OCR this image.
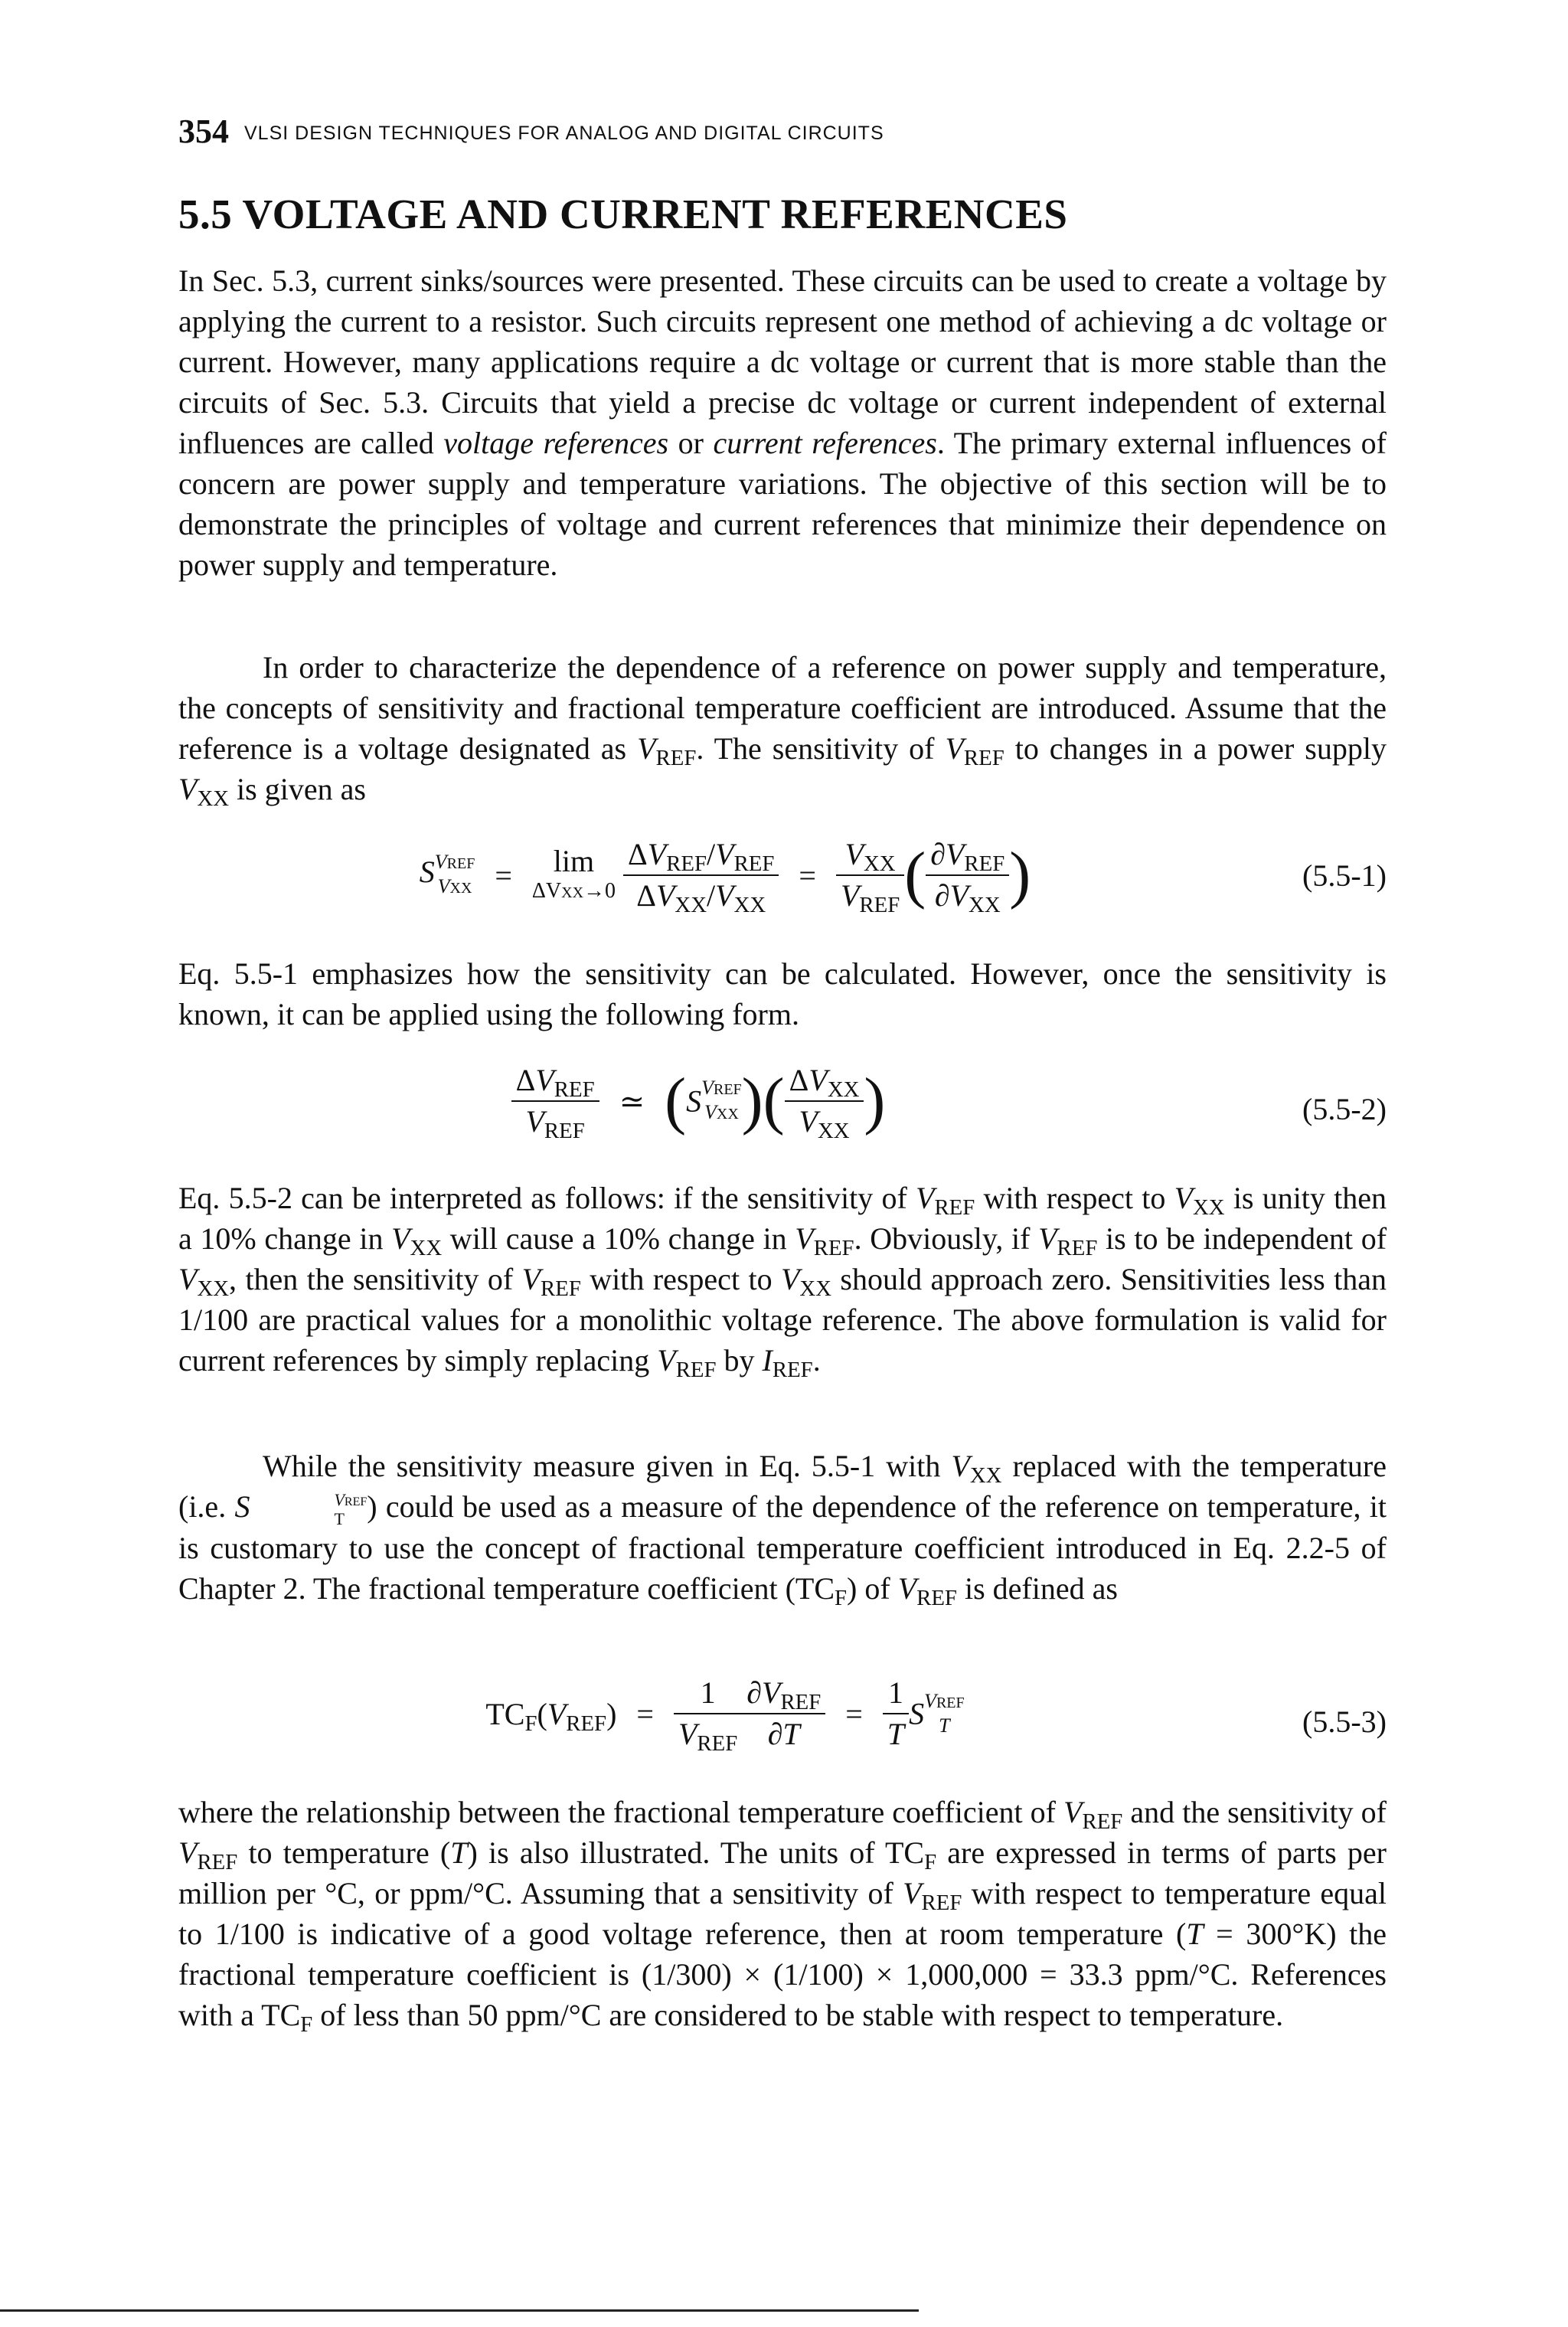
354 VLSI DESIGN TECHNIQUES FOR ANALOG AND DIGITAL CIRCUITS
5.5 VOLTAGE AND CURRENT REFERENCES

In Sec. 5.3, current sinks/sources were presented. These circuits can be used to create a voltage by applying the current to a resistor. Such circuits represent one method of achieving a dc voltage or current. However, many applications require a dc voltage or current that is more stable than the circuits of Sec. 5.3. Circuits that yield a precise dc voltage or current independent of external influences are called voltage references or current references. The primary external influences of concern are power supply and temperature variations. The objective of this section will be to demonstrate the principles of voltage and current references that minimize their dependence on power supply and temperature.

In order to characterize the dependence of a reference on power supply and temperature, the concepts of sensitivity and fractional temperature coefficient are introduced. Assume that the reference is a voltage designated as $V_{REF}$. The sensitivity of $V_{REF}$ to changes in a power supply $V_{XX}$ is given as

S VREF
VXX = lim
ΔVXX→0
$\frac{\Delta V_{REF}/V_{REF}}{\Delta V_{XX}/V_{XX}} = \frac{V_{XX}}{V_{REF}}$ ( $\frac{\partial V_{REF}}{\partial V_{XX}}$ )	(5.5-1)

Eq. 5.5-1 emphasizes how the sensitivity can be calculated. However, once the sensitivity is known, it can be applied using the following form.

$\frac{\Delta V_{REF}}{V_{REF}}$ ≃ (S VREF
VXX )( $\frac{\Delta V_{XX}}{V_{XX}}$ )	(5.5-2)

Eq. 5.5-2 can be interpreted as follows: if the sensitivity of $V_{REF}$ with respect to $V_{XX}$ is unity then a 10% change in $V_{XX}$ will cause a 10% change in $V_{REF}$. Obviously, if $V_{REF}$ is to be independent of $V_{XX}$, then the sensitivity of $V_{REF}$ with respect to $V_{XX}$ should approach zero. Sensitivities less than 1/100 are practical values for a monolithic voltage reference. The above formulation is valid for current references by simply replacing $V_{REF}$ by $I_{REF}$.

While the sensitivity measure given in Eq. 5.5-1 with $V_{XX}$ replaced with the temperature (i.e. S	VREF
T ) could be used as a measure of the dependence of the reference on temperature, it is customary to use the concept of fractional temperature coefficient introduced in Eq. 2.2-5 of Chapter 2. The fractional temperature coefficient $(TC_F)$ of $V_{REF}$ is defined as

$TC_F(V_{REF}) = \frac{1}{V_{REF}} \frac{\partial V_{REF}}{\partial T} = \frac{1}{T}$ S VREF
T	(5.5-3)

where the relationship between the fractional temperature coefficient of $V_{REF}$ and the sensitivity of $V_{REF}$ to temperature (T) is also illustrated. The units of $TC_F$ are expressed in terms of parts per million per °C, or ppm/°C. Assuming that a sensitivity of $V_{REF}$ with respect to temperature equal to 1/100 is indicative of a good voltage reference, then at room temperature (T = 300°K) the fractional temperature coefficient is (1/300) × (1/100) × 1,000,000 = 33.3 ppm/°C. References with a $TC_F$ of less than 50 ppm/°C are considered to be stable with respect to temperature.
